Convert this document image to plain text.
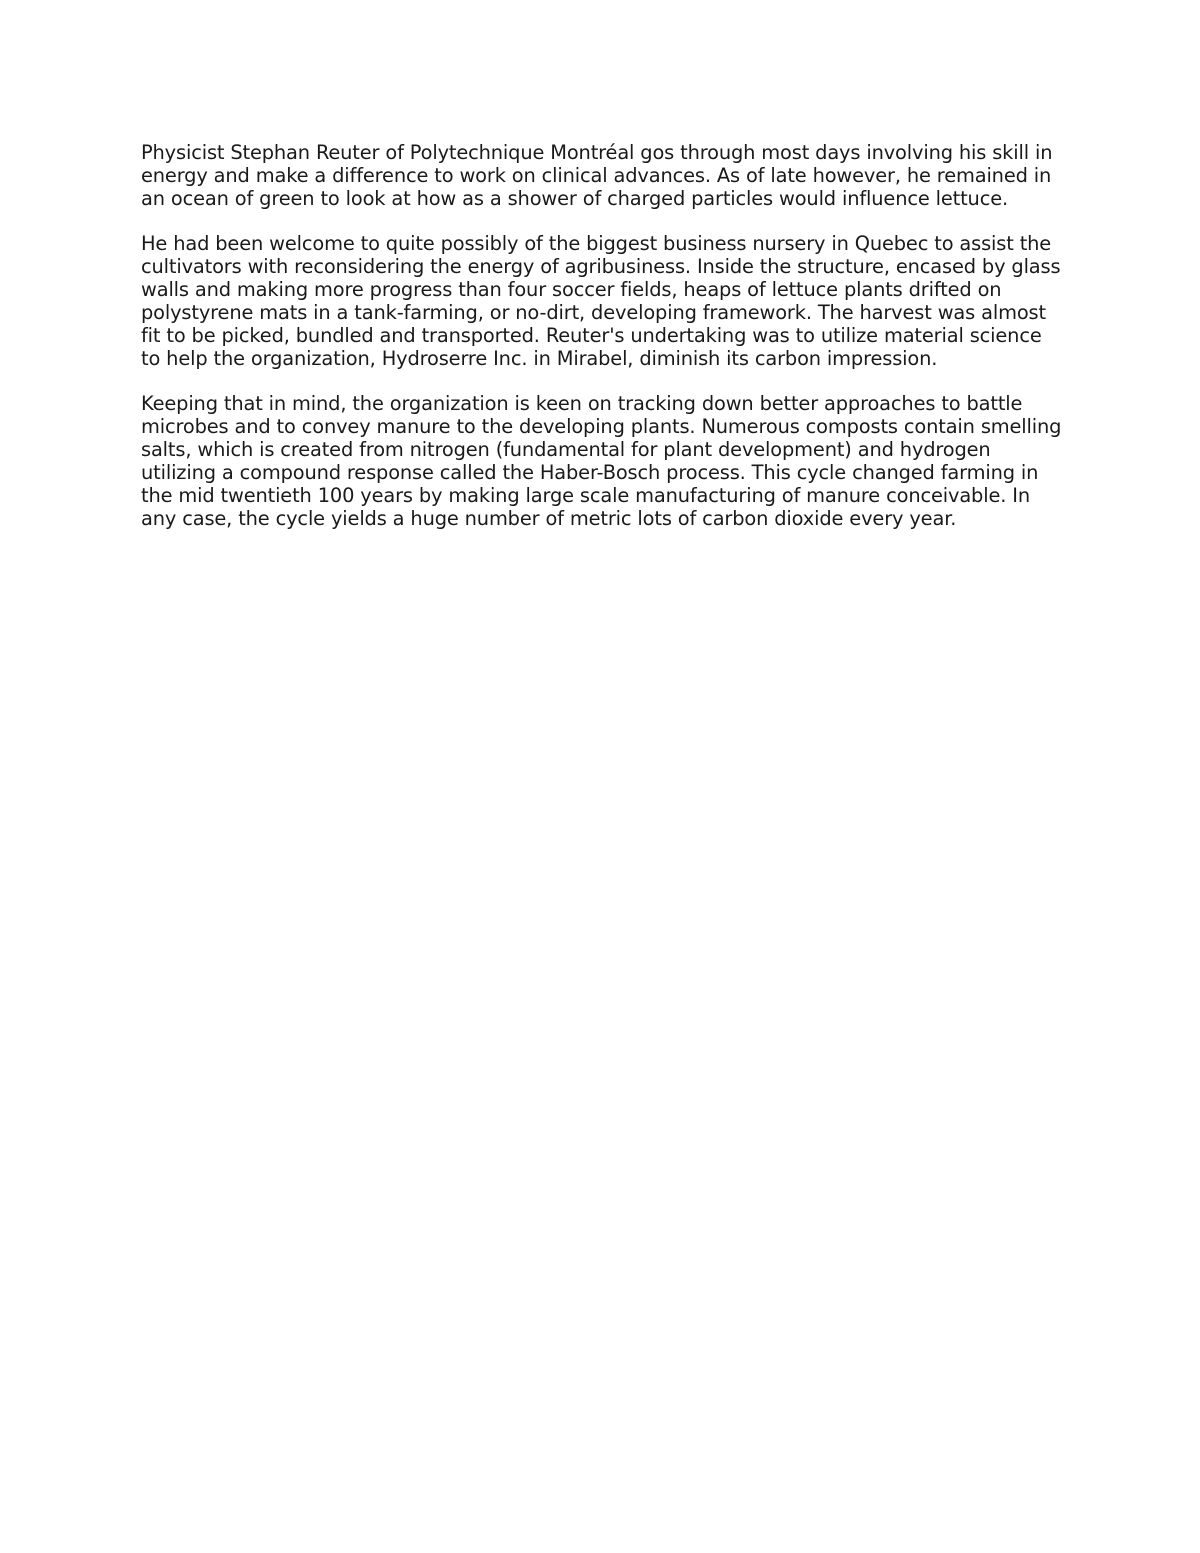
Physicist Stephan Reuter of Polytechnique Montréal gos through most days involving his skill in energy and make a difference to work on clinical advances. As of late however, he remained in an ocean of green to look at how as a shower of charged particles would influence lettuce.

He had been welcome to quite possibly of the biggest business nursery in Quebec to assist the cultivators with reconsidering the energy of agribusiness. Inside the structure, encased by glass walls and making more progress than four soccer fields, heaps of lettuce plants drifted on polystyrene mats in a tank-farming, or no-dirt, developing framework. The harvest was almost fit to be picked, bundled and transported. Reuter's undertaking was to utilize material science to help the organization, Hydroserre Inc. in Mirabel, diminish its carbon impression.

Keeping that in mind, the organization is keen on tracking down better approaches to battle microbes and to convey manure to the developing plants. Numerous composts contain smelling salts, which is created from nitrogen (fundamental for plant development) and hydrogen utilizing a compound response called the Haber-Bosch process. This cycle changed farming in the mid twentieth 100 years by making large scale manufacturing of manure conceivable. In any case, the cycle yields a huge number of metric lots of carbon dioxide every year.
